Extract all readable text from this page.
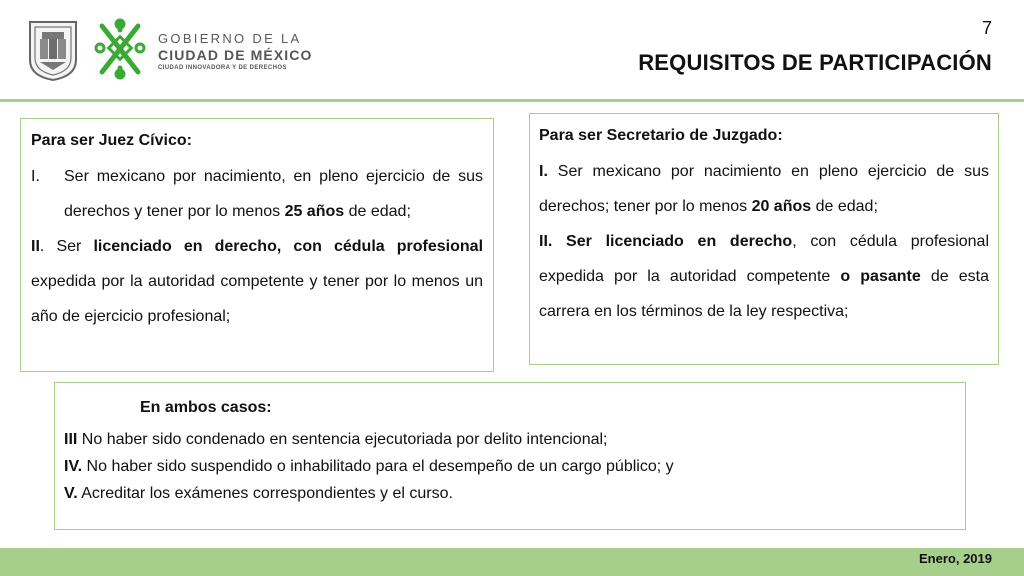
GOBIERNO DE LA
CIUDAD DE MÉXICO
CIUDAD INNOVADORA Y DE DERECHOS
7
REQUISITOS DE PARTICIPACIÓN
Para ser Juez Cívico:
I.	Ser mexicano por nacimiento, en pleno ejercicio de sus derechos y tener por lo menos 25 años de edad;
II. Ser licenciado en derecho, con cédula profesional expedida por la autoridad competente y tener por lo menos un año de ejercicio profesional;
Para ser Secretario de Juzgado:
I. Ser mexicano por nacimiento en pleno ejercicio de sus derechos; tener por lo menos 20 años de edad;
II. Ser licenciado en derecho, con cédula profesional expedida por la autoridad competente o pasante de esta carrera en los términos de la ley respectiva;
En ambos casos:
III No haber sido condenado en sentencia ejecutoriada por delito intencional;
IV. No haber sido suspendido o inhabilitado para el desempeño de un cargo público; y
V. Acreditar los exámenes correspondientes y el curso.
Enero, 2019
